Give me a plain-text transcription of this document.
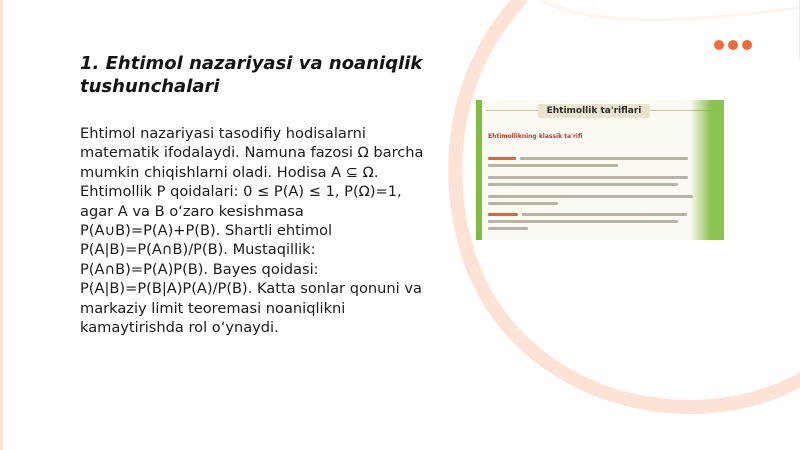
1. Ehtimol nazariyasi va noaniqlik tushunchalari

Ehtimol nazariyasi tasodifiy hodisalarni matematik ifodalaydi. Namuna fazosi Ω barcha mumkin chiqishlarni oladi. Hodisa A ⊆ Ω. Ehtimollik P qoidalari: 0 ≤ P(A) ≤ 1, P(Ω)=1, agar A va B o‘zaro kesishmasa P(A∪B)=P(A)+P(B). Shartli ehtimol P(A|B)=P(A∩B)/P(B). Mustaqillik: P(A∩B)=P(A)P(B). Bayes qoidasi: P(A|B)=P(B|A)P(A)/P(B). Katta sonlar qonuni va markaziy limit teoremasi noaniqlikni kamaytirishda rol o‘ynaydi.

Ehtimollik ta'riflari
Ehtimollikning klassik ta'rifi
